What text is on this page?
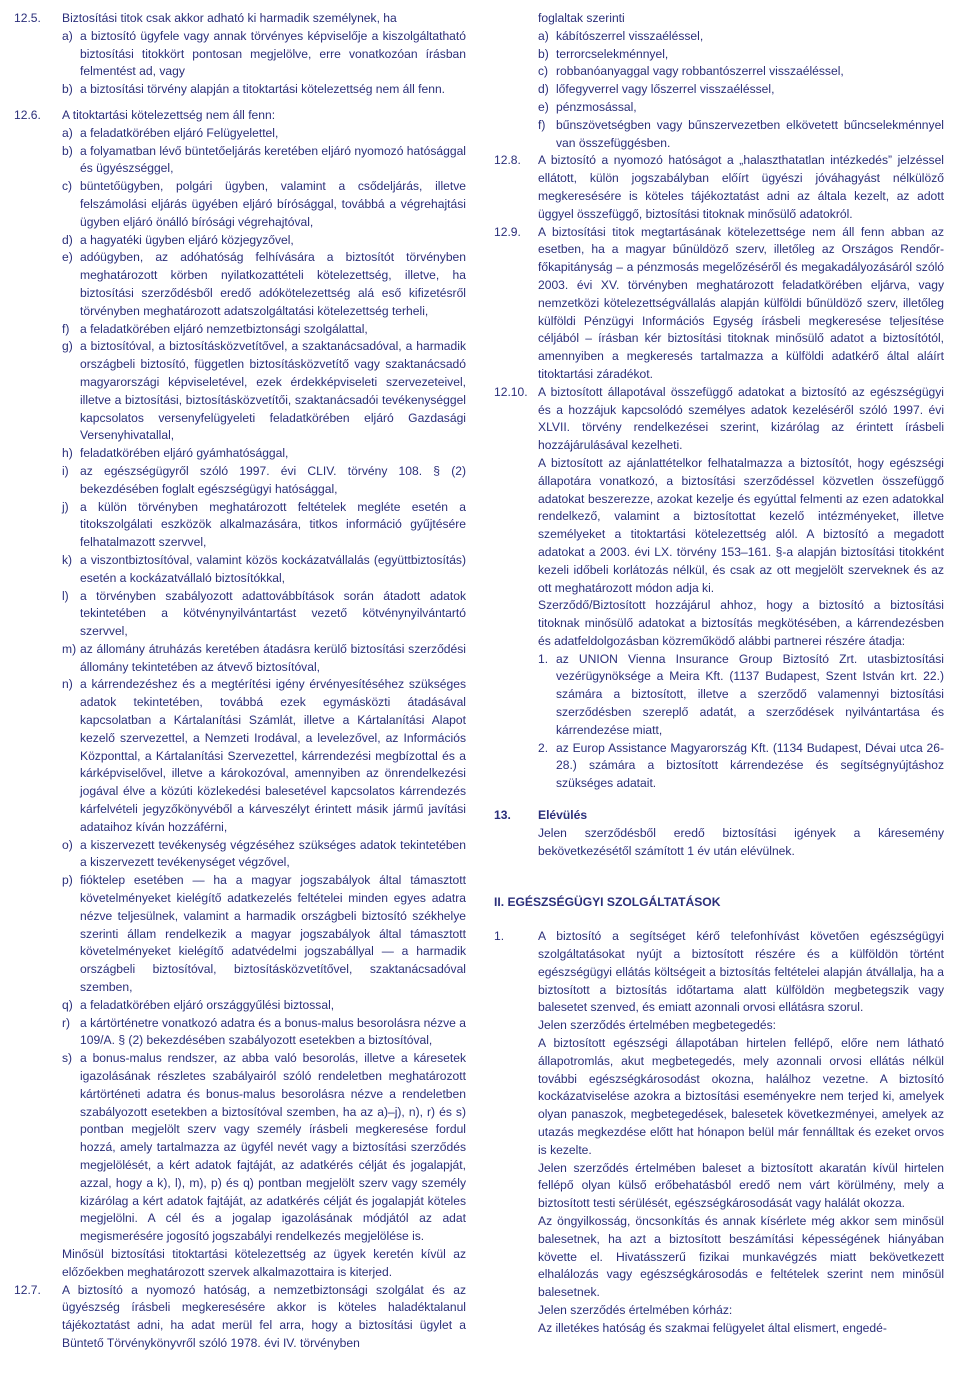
12.5. Biztosítási titok csak akkor adható ki harmadik személynek, ha
a) a biztosító ügyfele vagy annak törvényes képviselője a kiszolgáltatható biztosítási titokkört pontosan megjelölve, erre vonatkozóan írásban felmentést ad, vagy
b) a biztosítási törvény alapján a titoktartási kötelezettség nem áll fenn.
12.6. A titoktartási kötelezettség nem áll fenn:
a) a feladatkörében eljáró Felügyelettel,
b) a folyamatban lévő büntetőeljárás keretében eljáró nyomozó hatósággal és ügyészséggel,
c) büntetőügyben, polgári ügyben, valamint a csődeljárás, illetve felszámolási eljárás ügyében eljáró bírósággal, továbbá a végrehajtási ügyben eljáró önálló bírósági végrehajtóval,
d) a hagyatéki ügyben eljáró közjegyzővel,
e) adóügyben, az adóhatóság felhívására a biztosítót törvényben meghatározott körben nyilatkozattételi kötelezettség, illetve, ha biztosítási szerződésből eredő adókötelezettség alá eső kifizetésről törvényben meghatározott adatszolgáltatási kötelezettség terheli,
f) a feladatkörében eljáró nemzetbiztonsági szolgálattal,
g) a biztosítóval, a biztosításközvetítővel, a szaktanácsadóval, a harmadik országbeli biztosító, független biztosításközvetítő vagy szaktanácsadó magyarországi képviseletével, ezek érdekképviseleti szervezeteivel, illetve a biztosítási, biztosításközvetítői, szaktanácsadói tevékenységgel kapcsolatos versenyfelügyeleti feladatkörében eljáró Gazdasági Versenyhivatallal,
h) feladatkörében eljáró gyámhatósággal,
i) az egészségügyről szóló 1997. évi CLIV. törvény 108. § (2) bekezdésében foglalt egészségügyi hatósággal,
j) a külön törvényben meghatározott feltételek megléte esetén a titokszolgálati eszközök alkalmazására, titkos információ gyűjtésére felhatalmazott szervvel,
k) a viszontbiztosítóval, valamint közös kockázatvállalás (együttbiztosítás) esetén a kockázatvállaló biztosítókkal,
l) a törvényben szabályozott adattovábbítások során átadott adatok tekintetében a kötvénynyilvántartást vezető kötvénynyilvántartó szervvel,
m) az állomány átruházás keretében átadásra kerülő biztosítási szerződési állomány tekintetében az átvevő biztosítóval,
n) a kárrendezéshez és a megtérítési igény érvényesítéséhez szükséges adatok tekintetében, továbbá ezek egymásközti átadásával kapcsolatban a Kártalanítási Számlát, illetve a Kártalanítási Alapot kezelő szervezettel, a Nemzeti Irodával, a levelezővel, az Információs Központtal, a Kártalanítási Szervezettel, kárrendezési megbízottal és a kárképviselővel, illetve a károkozóval, amennyiben az önrendelkezési jogával élve a közúti közlekedési balesetével kapcsolatos kárrendezés kárfelvételi jegyzőkönyvéből a kárveszélyt érintett másik jármű javítási adataihoz kíván hozzáférni,
o) a kiszervezett tevékenység végzéséhez szükséges adatok tekintetében a kiszervezett tevékenységet végzővel,
p) fióktelep esetében — ha a magyar jogszabályok által támasztott követelményeket kielégítő adatkezelés feltételei minden egyes adatra nézve teljesülnek, valamint a harmadik országbeli biztosító székhelye szerinti állam rendelkezik a magyar jogszabályok által támasztott követelményeket kielégítő adatvédelmi jogszabállyal — a harmadik országbeli biztosítóval, biztosításközvetítővel, szaktanácsadóval szemben,
q) a feladatkörében eljáró országgyűlési biztossal,
r) a kártörténetre vonatkozó adatra és a bonus-malus besorolásra nézve a 109/A. § (2) bekezdésében szabályozott esetekben a biztosítóval,
s) a bonus-malus rendszer, az abba való besorolás, illetve a káresetek igazolásának részletes szabályairól szóló rendeletben meghatározott kártörténeti adatra és bonus-malus besorolásra nézve a rendeletben szabályozott esetekben a biztosítóval szemben, ha az a)–j), n), r) és s) pontban megjelölt szerv vagy személy írásbeli megkeresése fordul hozzá, amely tartalmazza az ügyfél nevét vagy a biztosítási szerződés megjelölését, a kért adatok fajtáját, az adatkérés célját és jogalapját, azzal, hogy a k), l), m), p) és q) pontban megjelölt szerv vagy személy kizárólag a kért adatok fajtáját, az adatkérés célját és jogalapját köteles megjelölni. A cél és a jogalap igazolásának módjától az adat megismerésére jogosító jogszabályi rendelkezés megjelölése is.
Minősül biztosítási titoktartási kötelezettség az ügyek keretén kívül az előzőekben meghatározott szervek alkalmazottaira is kiterjed.
12.7. A biztosító a nyomozó hatóság, a nemzetbiztonsági szolgálat és az ügyészség írásbeli megkeresésére akkor is köteles haladéktalanul tájékoztatást adni, ha adat merül fel arra, hogy a biztosítási ügylet a Büntető Törvénykönyvről szóló 1978. évi IV. törvényben
foglaltak szerinti
a) kábítószerrel visszaéléssel,
b) terrorcselekménnyel,
c) robbanóanyaggal vagy robbantószerrel visszaéléssel,
d) lőfegyverrel vagy lőszerrel visszaéléssel,
e) pénzmosással,
f) bűnszövetségben vagy bűnszervezetben elkövetett bűncselekménnyel van összefüggésben.
12.8. A biztosító a nyomozó hatóságot a „halaszthatatlan intézkedés” jelzéssel ellátott, külön jogszabályban előírt ügyészi jóváhagyást nélkülöző megkeresésére is köteles tájékoztatást adni az általa kezelt, az adott üggyel összefüggő, biztosítási titoknak minősülő adatokról.
12.9. A biztosítási titok megtartásának kötelezettsége nem áll fenn abban az esetben, ha a magyar bűnüldöző szerv, illetőleg az Országos Rendőr-főkapitányság – a pénzmosás megelőzéséről és megakadályozásáról szóló 2003. évi XV. törvényben meghatározott feladatkörében eljárva, vagy nemzetközi kötelezettségvállalás alapján külföldi bűnüldöző szerv, illetőleg külföldi Pénzügyi Információs Egység írásbeli megkeresése teljesítése céljából – írásban kér biztosítási titoknak minősülő adatot a biztosítótól, amennyiben a megkeresés tartalmazza a külföldi adatkérő által aláírt titoktartási záradékot.
12.10. A biztosított állapotával összefüggő adatokat a biztosító az egészségügyi és a hozzájuk kapcsolódó személyes adatok kezeléséről szóló 1997. évi XLVII. törvény rendelkezései szerint, kizárólag az érintett írásbeli hozzájárulásával kezelheti.
A biztosított az ajánlattételkor felhatalmazza a biztosítót, hogy egészségi állapotára vonatkozó, a biztosítási szerződéssel közvetlen összefüggő adatokat beszerezze, azokat kezelje és egyúttal felmenti az ezen adatokkal rendelkező, valamint a biztosítottat kezelő intézményeket, illetve személyeket a titoktartási kötelezettség alól. A biztosító a megadott adatokat a 2003. évi LX. törvény 153–161. §-a alapján biztosítási titokként kezeli időbeli korlátozás nélkül, és csak az ott megjelölt szerveknek és az ott meghatározott módon adja ki.
Szerződő/Biztosított hozzájárul ahhoz, hogy a biztosító a biztosítási titoknak minősülő adatokat a biztosítás megkötésében, a kárrendezésben és adatfeldolgozásban közreműködő alábbi partnerei részére átadja:
1. az UNION Vienna Insurance Group Biztosító Zrt. utasbiztosítási vezérügynöksége a Meira Kft. (1137 Budapest, Szent István krt. 22.) számára a biztosított, illetve a szerződő valamennyi biztosítási szerződésben szereplő adatát, a szerződések nyilvántartása és kárrendezése miatt,
2. az Europ Assistance Magyarország Kft. (1134 Budapest, Dévai utca 26-28.) számára a biztosított kárrendezése és segítségnyújtáshoz szükséges adatait.
13. Elévülés
Jelen szerződésből eredő biztosítási igények a káresemény bekövetkezésétől számított 1 év után elévülnek.
II. EGÉSZSÉGÜGYI SZOLGÁLTATÁSOK
1.	A biztosító a segítséget kérő telefonhívást követően egészségügyi szolgáltatásokat nyújt a biztosított részére és a külföldön történt egészségügyi ellátás költségeit a biztosítás feltételei alapján átvállalja, ha a biztosított a biztosítás időtartama alatt külföldön megbetegszik vagy balesetet szenved, és emiatt azonnali orvosi ellátásra szorul.
Jelen szerződés értelmében megbetegedés:
A biztosított egészségi állapotában hirtelen fellépő, előre nem látható állapotromlás, akut megbetegedés, mely azonnali orvosi ellátás nélkül további egészségkárosodást okozna, halálhoz vezetne. A biztosító kockázatviselése azokra a biztosítási eseményekre nem terjed ki, amelyek olyan panaszok, megbetegedések, balesetek következményei, amelyek az utazás megkezdése előtt hat hónapon belül már fennálltak és ezeket orvos is kezelte.
Jelen szerződés értelmében baleset a biztosított akaratán kívül hirtelen fellépő olyan külső erőbehatásból eredő nem várt körülmény, mely a biztosított testi sérülését, egészségkárosodását vagy halálát okozza.
Az öngyilkosság, öncsonkítás és annak kísérlete még akkor sem minősül balesetnek, ha azt a biztosított beszámítási képességének hiányában követte el. Hivatásszerű fizikai munkavégzés miatt bekövetkezett elhalálozás vagy egészségkárosodás e feltételek szerint nem minősül balesetnek.
Jelen szerződés értelmében kórház:
Az illetékes hatóság és szakmai felügyelet által elismert, engedé-
